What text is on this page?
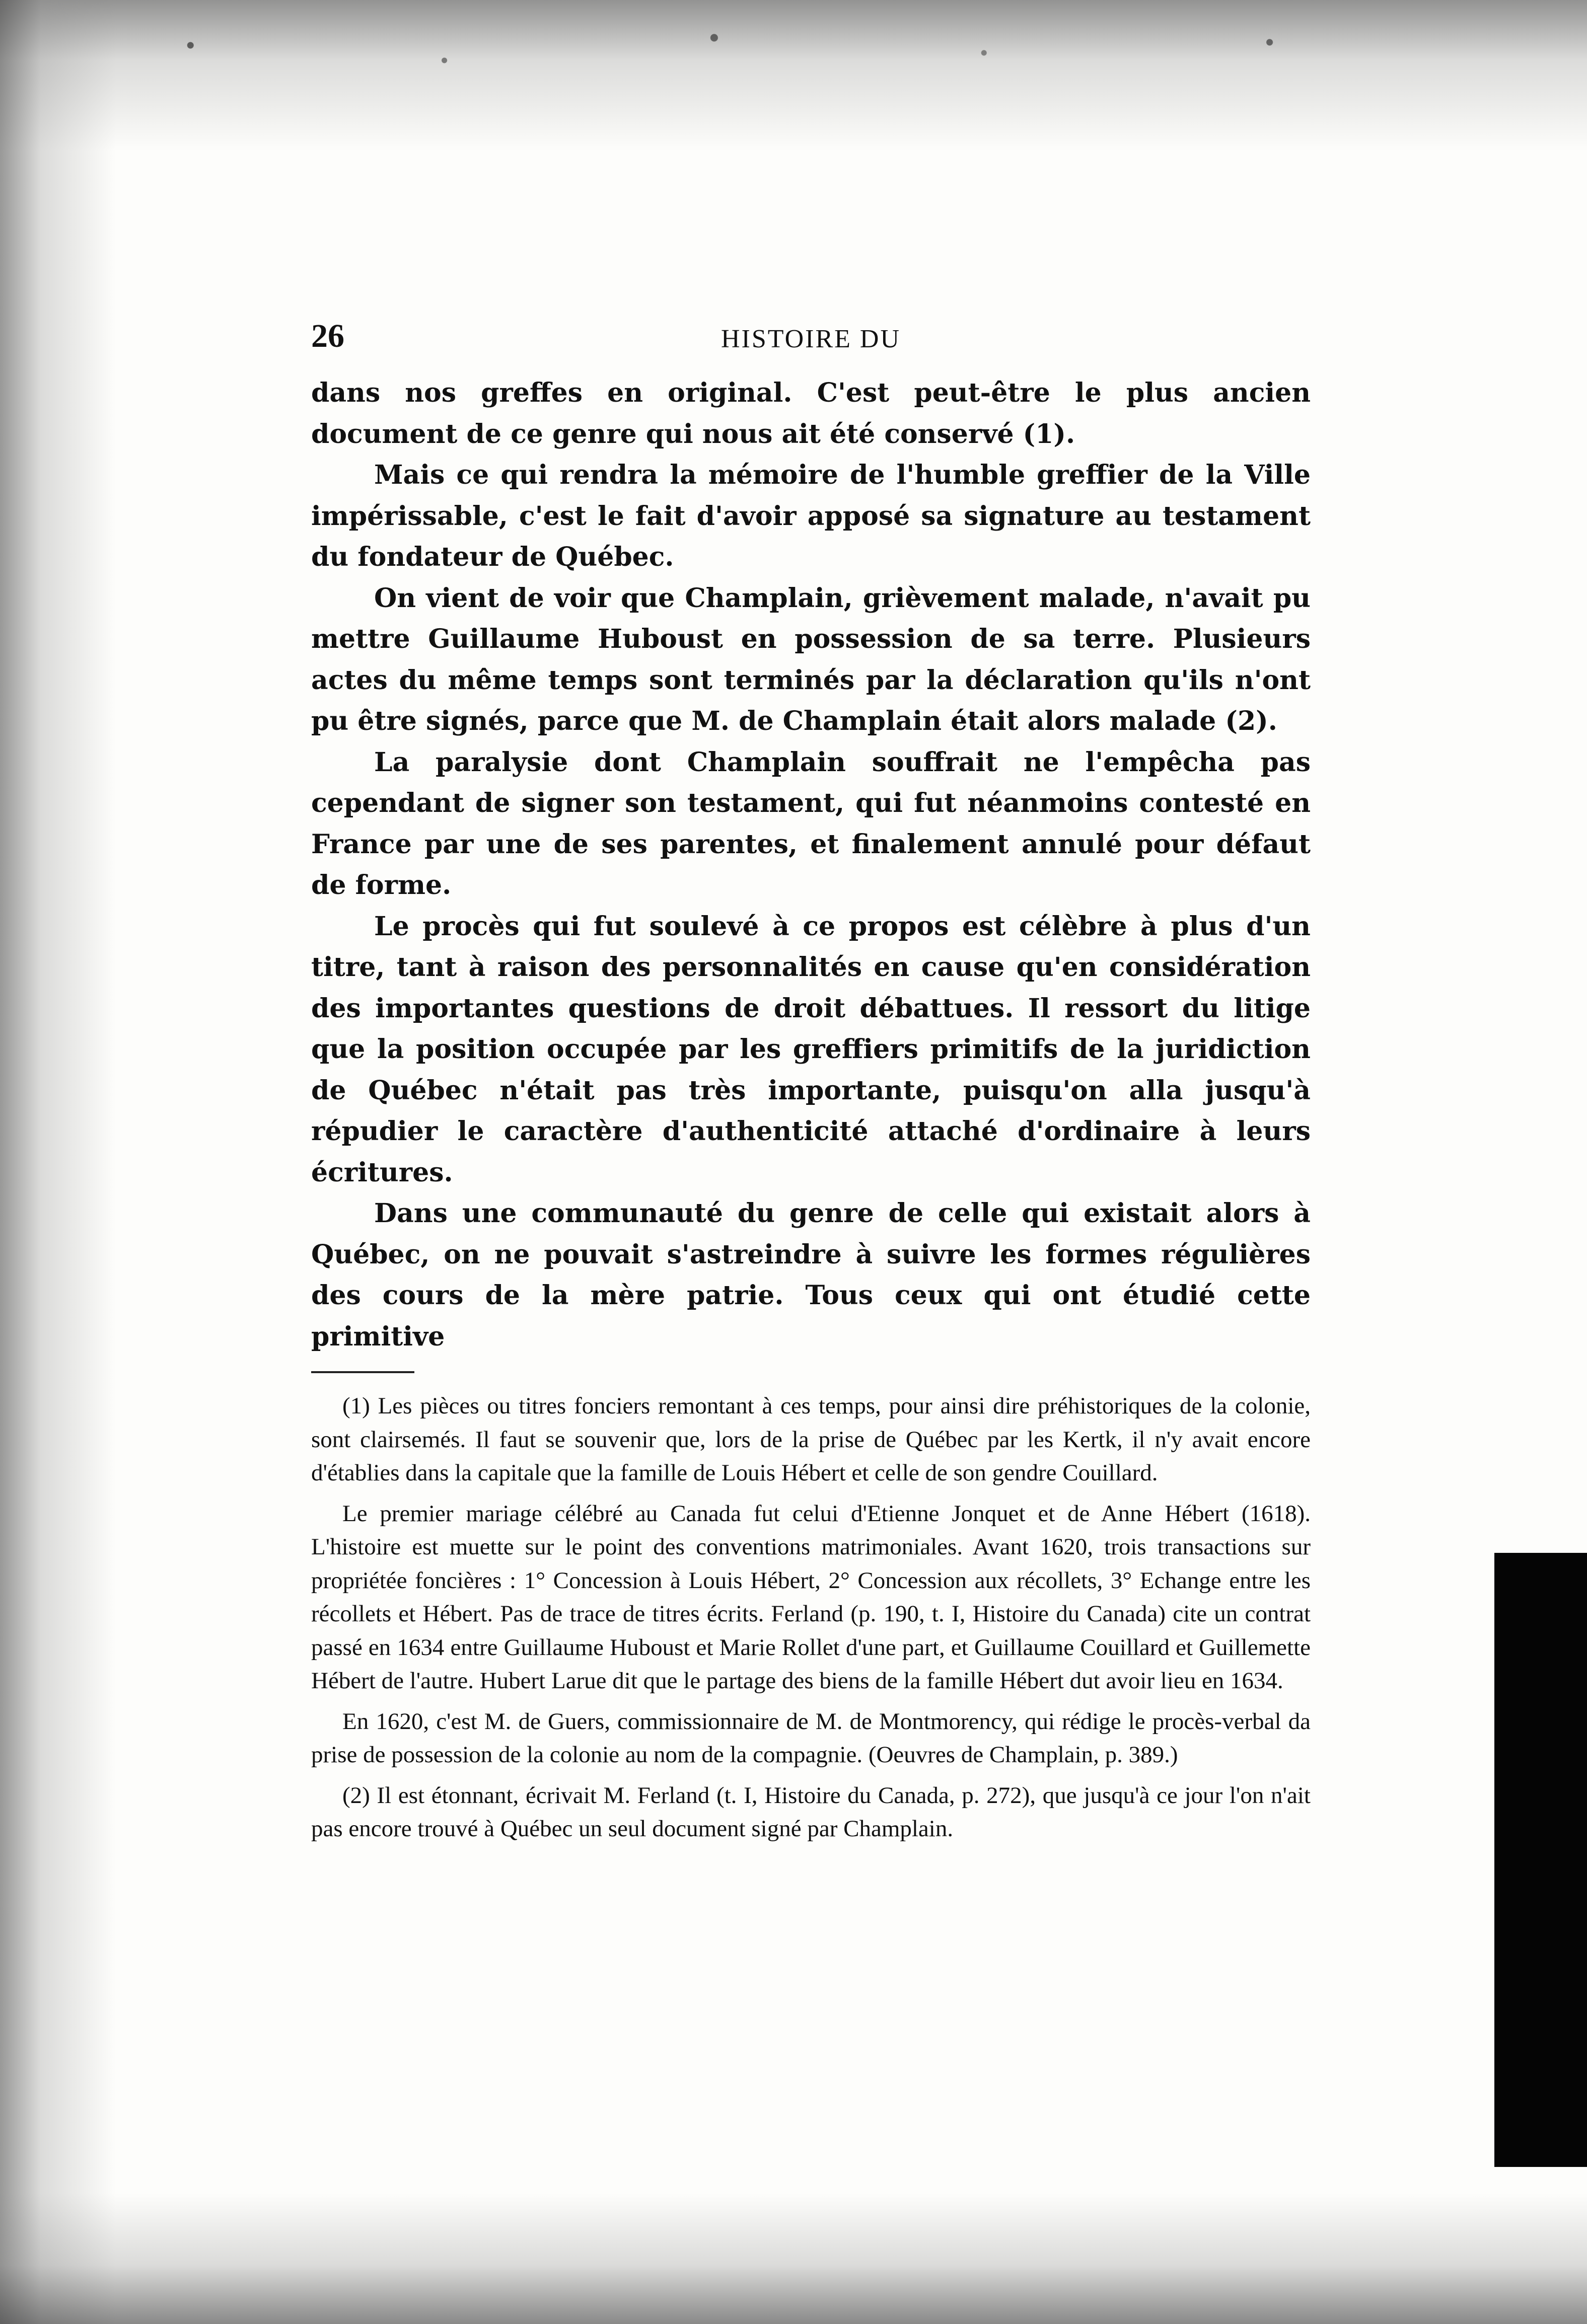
26	HISTOIRE DU

dans nos greffes en original. C'est peut-être le plus ancien document de ce genre qui nous ait été conservé (1).

Mais ce qui rendra la mémoire de l'humble greffier de la Ville impérissable, c'est le fait d'avoir apposé sa signature au testament du fondateur de Québec.

On vient de voir que Champlain, grièvement malade, n'avait pu mettre Guillaume Huboust en possession de sa terre. Plusieurs actes du même temps sont terminés par la déclaration qu'ils n'ont pu être signés, parce que M. de Champlain était alors malade (2).

La paralysie dont Champlain souffrait ne l'empêcha pas cependant de signer son testament, qui fut néanmoins contesté en France par une de ses parentes, et finalement annulé pour défaut de forme.

Le procès qui fut soulevé à ce propos est célèbre à plus d'un titre, tant à raison des personnalités en cause qu'en considération des importantes questions de droit débattues. Il ressort du litige que la position occupée par les greffiers primitifs de la juridiction de Québec n'était pas très importante, puisqu'on alla jusqu'à répudier le caractère d'authenticité attaché d'ordinaire à leurs écritures.

Dans une communauté du genre de celle qui existait alors à Québec, on ne pouvait s'astreindre à suivre les formes régulières des cours de la mère patrie. Tous ceux qui ont étudié cette primitive

(1) Les pièces ou titres fonciers remontant à ces temps, pour ainsi dire préhistoriques de la colonie, sont clairsemés. Il faut se souvenir que, lors de la prise de Québec par les Kertk, il n'y avait encore d'établies dans la capitale que la famille de Louis Hébert et celle de son gendre Couillard.

Le premier mariage célébré au Canada fut celui d'Etienne Jonquet et de Anne Hébert (1618). L'histoire est muette sur le point des conventions matrimoniales. Avant 1620, trois transactions sur propriétée foncières : 1° Concession à Louis Hébert, 2° Concession aux récollets, 3° Echange entre les récollets et Hébert. Pas de trace de titres écrits. Ferland (p. 190, t. I, Histoire du Canada) cite un contrat passé en 1634 entre Guillaume Huboust et Marie Rollet d'une part, et Guillaume Couillard et Guillemette Hébert de l'autre. Hubert Larue dit que le partage des biens de la famille Hébert dut avoir lieu en 1634.

En 1620, c'est M. de Guers, commissionnaire de M. de Montmorency, qui rédige le procès-verbal da prise de possession de la colonie au nom de la compagnie. (Oeuvres de Champlain, p. 389.)

(2) Il est étonnant, écrivait M. Ferland (t. I, Histoire du Canada, p. 272), que jusqu'à ce jour l'on n'ait pas encore trouvé à Québec un seul document signé par Champlain.
